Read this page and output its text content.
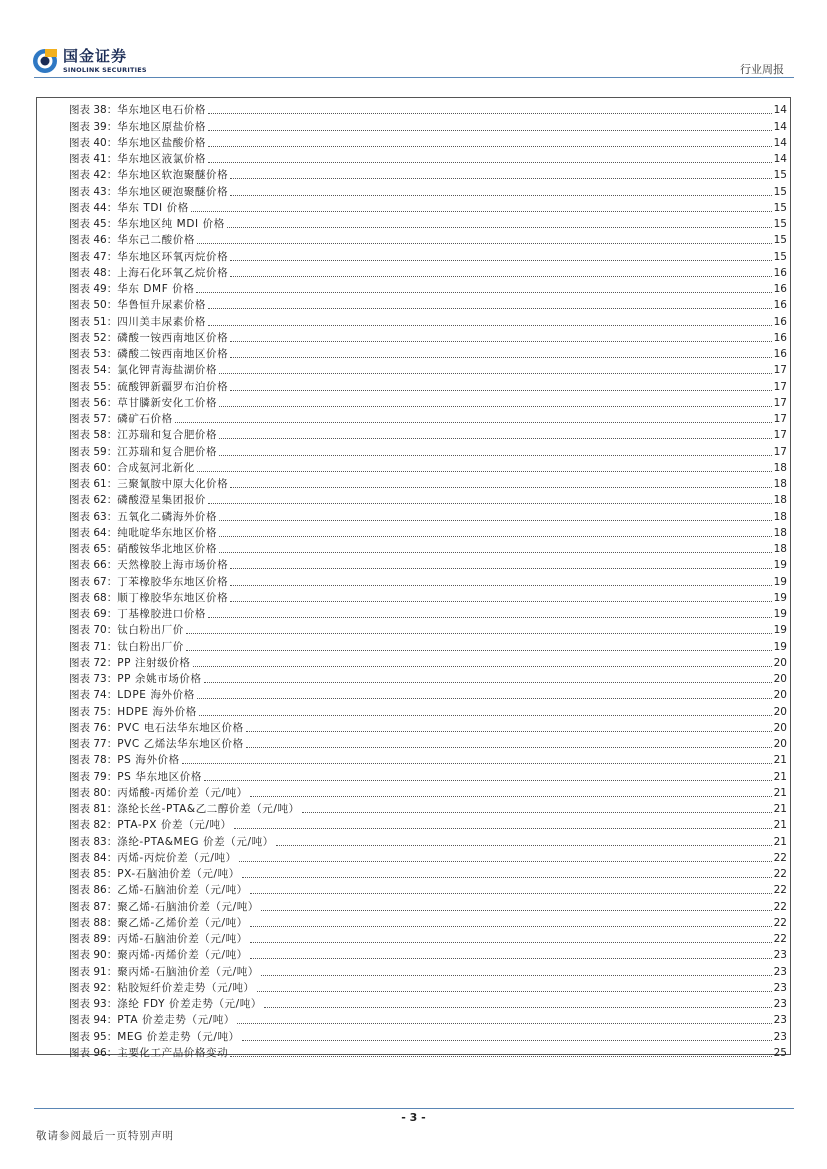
国金证券
SINOLINK SECURITIES	行业周报
图表 38： 华东地区电石价格	14
图表 39： 华东地区原盐价格	14
图表 40： 华东地区盐酸价格	14
图表 41： 华东地区液氯价格	14
图表 42： 华东地区软泡聚醚价格	15
图表 43： 华东地区硬泡聚醚价格	15
图表 44： 华东 TDI 价格	15
图表 45： 华东地区纯 MDI 价格	15
图表 46： 华东己二酸价格	15
图表 47： 华东地区环氧丙烷价格	15
图表 48： 上海石化环氧乙烷价格	16
图表 49： 华东 DMF 价格	16
图表 50： 华鲁恒升尿素价格	16
图表 51： 四川美丰尿素价格	16
图表 52： 磷酸一铵西南地区价格	16
图表 53： 磷酸二铵西南地区价格	16
图表 54： 氯化钾青海盐湖价格	17
图表 55： 硫酸钾新疆罗布泊价格	17
图表 56： 草甘膦新安化工价格	17
图表 57： 磷矿石价格	17
图表 58： 江苏瑞和复合肥价格	17
图表 59： 江苏瑞和复合肥价格	17
图表 60： 合成氨河北新化	18
图表 61： 三聚氰胺中原大化价格	18
图表 62： 磷酸澄星集团报价	18
图表 63： 五氧化二磷海外价格	18
图表 64： 纯吡啶华东地区价格	18
图表 65： 硝酸铵华北地区价格	18
图表 66： 天然橡胶上海市场价格	19
图表 67： 丁苯橡胶华东地区价格	19
图表 68： 顺丁橡胶华东地区价格	19
图表 69： 丁基橡胶进口价格	19
图表 70： 钛白粉出厂价	19
图表 71： 钛白粉出厂价	19
图表 72： PP 注射级价格	20
图表 73： PP 余姚市场价格	20
图表 74： LDPE 海外价格	20
图表 75： HDPE 海外价格	20
图表 76： PVC 电石法华东地区价格	20
图表 77： PVC 乙烯法华东地区价格	20
图表 78： PS 海外价格	21
图表 79： PS 华东地区价格	21
图表 80： 丙烯酸-丙烯价差（元/吨）	21
图表 81： 涤纶长丝-PTA&乙二醇价差（元/吨）	21
图表 82： PTA-PX 价差（元/吨）	21
图表 83： 涤纶-PTA&MEG 价差（元/吨）	21
图表 84： 丙烯-丙烷价差（元/吨）	22
图表 85： PX-石脑油价差（元/吨）	22
图表 86： 乙烯-石脑油价差（元/吨）	22
图表 87： 聚乙烯-石脑油价差（元/吨）	22
图表 88： 聚乙烯-乙烯价差（元/吨）	22
图表 89： 丙烯-石脑油价差（元/吨）	22
图表 90： 聚丙烯-丙烯价差（元/吨）	23
图表 91： 聚丙烯-石脑油价差（元/吨）	23
图表 92： 粘胶短纤价差走势（元/吨）	23
图表 93： 涤纶 FDY 价差走势（元/吨）	23
图表 94： PTA 价差走势（元/吨）	23
图表 95： MEG 价差走势（元/吨）	23
图表 96： 主要化工产品价格变动	25
- 3 -
敬请参阅最后一页特别声明
